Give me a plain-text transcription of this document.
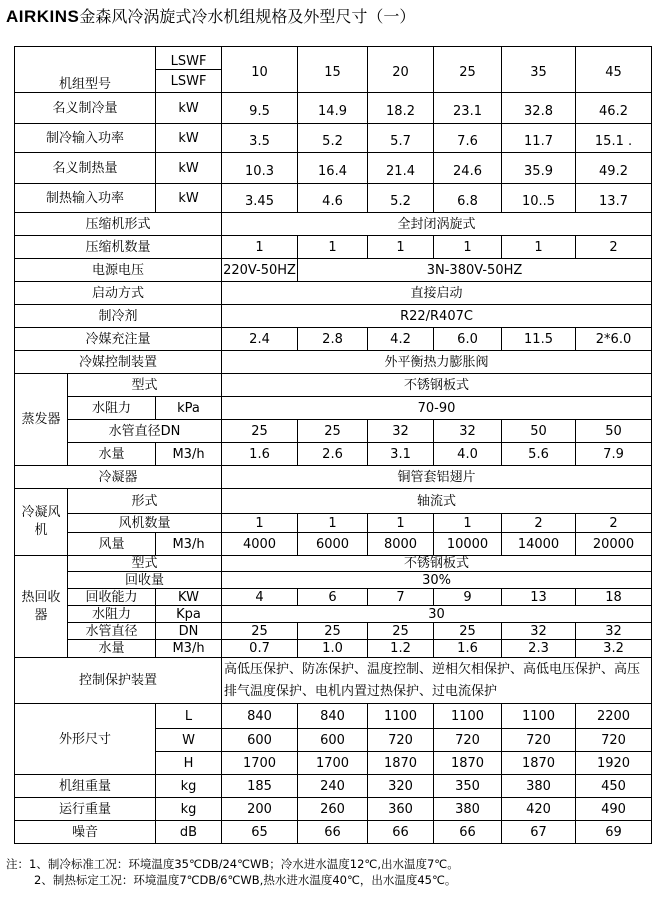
AIRKINS金森风冷涡旋式冷水机组规格及外型尺寸（一）
机组型号		LSWF	10	15	20	25	35	45
		LSWF						
名义制冷量		kW	9.5	14.9	18.2	23.1	32.8	46.2
制冷输入功率		kW	3.5	5.2	5.7	7.6	11.7	15.1 .
名义制热量		kW	10.3	16.4	21.4	24.6	35.9	49.2
制热输入功率		kW	3.45	4.6	5.2	6.8	10..5	13.7
压缩机形式			全封闭涡旋式					
压缩机数量			1	1	1	1	1	2
电源电压			220V-50HZ	3N-380V-50HZ				
启动方式			直接启动					
制冷剂			R22/R407C					
冷媒充注量			2.4	2.8	4.2	6.0	11.5	2*6.0
冷媒控制装置			外平衡热力膨胀阀					
蒸发器	型式		不锈钢板式					
	水阻力	kPa	70-90					
	水管直径DN		25	25	32	32	50	50
	水量	M3/h	1.6	2.6	3.1	4.0	5.6	7.9
冷凝器			铜管套铝翅片					
冷凝风机	形式		轴流式					
	风机数量		1	1	1	1	2	2
	风量	M3/h	4000	6000	8000	10000	14000	20000
热回收器	型式		不锈钢板式					
	回收量		30%					
	回收能力	KW	4	6	7	9	13	18
	水阻力	Kpa	30					
	水管直径	DN	25	25	25	25	32	32
	水量	M3/h	0.7	1.0	1.2	1.6	2.3	3.2
控制保护装置			高低压保护、防冻保护、温度控制、逆相欠相保护、高低电压保护、高压
排气温度保护、电机内置过热保护、过电流保护					

外形尺寸		L	840	840	1100	1100	1100	2200
		W	600	600	720	720	720	720
		H	1700	1700	1870	1870	1870	1920
机组重量		kg	185	240	320	350	380	450
运行重量		kg	200	260	360	380	420	490
噪音		dB	65	66	66	66	67	69
注：1、制冷标准工况：环境温度35℃DB/24℃WB；冷水进水温度12℃,出水温度7℃。
2、制热标定工况：环境温度7℃DB/6℃WB,热水进水温度40℃，出水温度45℃。
